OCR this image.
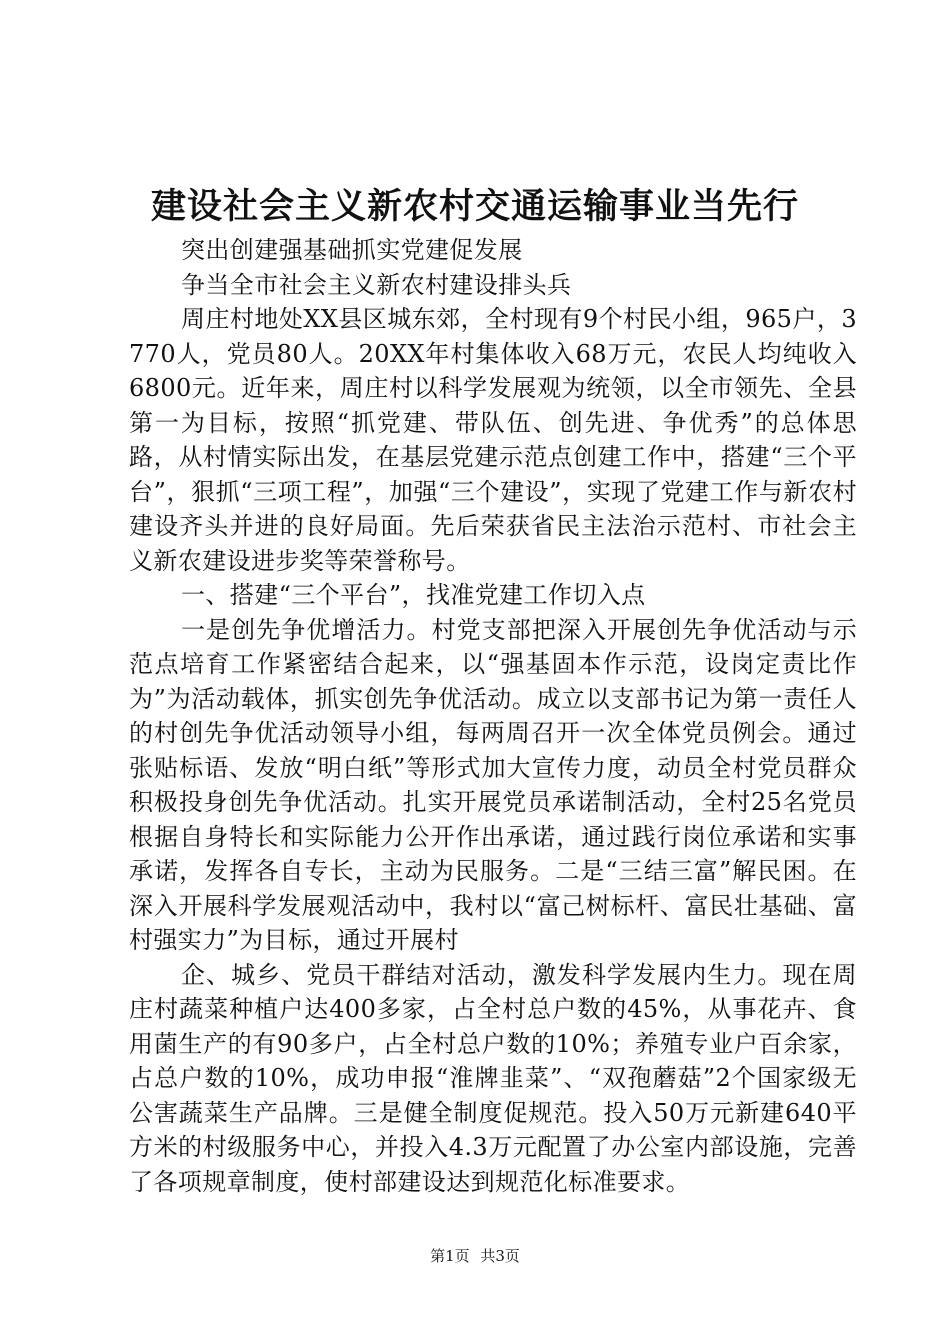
建设社会主义新农村交通运输事业当先行

突出创建强基础抓实党建促发展

争当全市社会主义新农村建设排头兵

周庄村地处XX县区城东郊，全村现有9个村民小组，965户，3770人，党员80人。20XX年村集体收入68万元，农民人均纯收入6800元。近年来，周庄村以科学发展观为统领，以全市领先、全县第一为目标，按照“抓党建、带队伍、创先进、争优秀”的总体思路，从村情实际出发，在基层党建示范点创建工作中，搭建“三个平台”，狠抓“三项工程”，加强“三个建设”，实现了党建工作与新农村建设齐头并进的良好局面。先后荣获省民主法治示范村、市社会主义新农建设进步奖等荣誉称号。

一、搭建“三个平台”，找准党建工作切入点

一是创先争优增活力。村党支部把深入开展创先争优活动与示范点培育工作紧密结合起来，以“强基固本作示范，设岗定责比作为”为活动载体，抓实创先争优活动。成立以支部书记为第一责任人的村创先争优活动领导小组，每两周召开一次全体党员例会。通过张贴标语、发放“明白纸”等形式加大宣传力度，动员全村党员群众积极投身创先争优活动。扎实开展党员承诺制活动，全村25名党员根据自身特长和实际能力公开作出承诺，通过践行岗位承诺和实事承诺，发挥各自专长，主动为民服务。二是“三结三富”解民困。在深入开展科学发展观活动中，我村以“富己树标杆、富民壮基础、富村强实力”为目标，通过开展村

企、城乡、党员干群结对活动，激发科学发展内生力。现在周庄村蔬菜种植户达400多家，占全村总户数的45%，从事花卉、食用菌生产的有90多户，占全村总户数的10%；养殖专业户百余家，占总户数的10%，成功申报“淮牌韭菜”、“双孢蘑菇”2个国家级无公害蔬菜生产品牌。三是健全制度促规范。投入50万元新建640平方米的村级服务中心，并投入4.3万元配置了办公室内部设施，完善了各项规章制度，使村部建设达到规范化标准要求。

第1页 共3页
